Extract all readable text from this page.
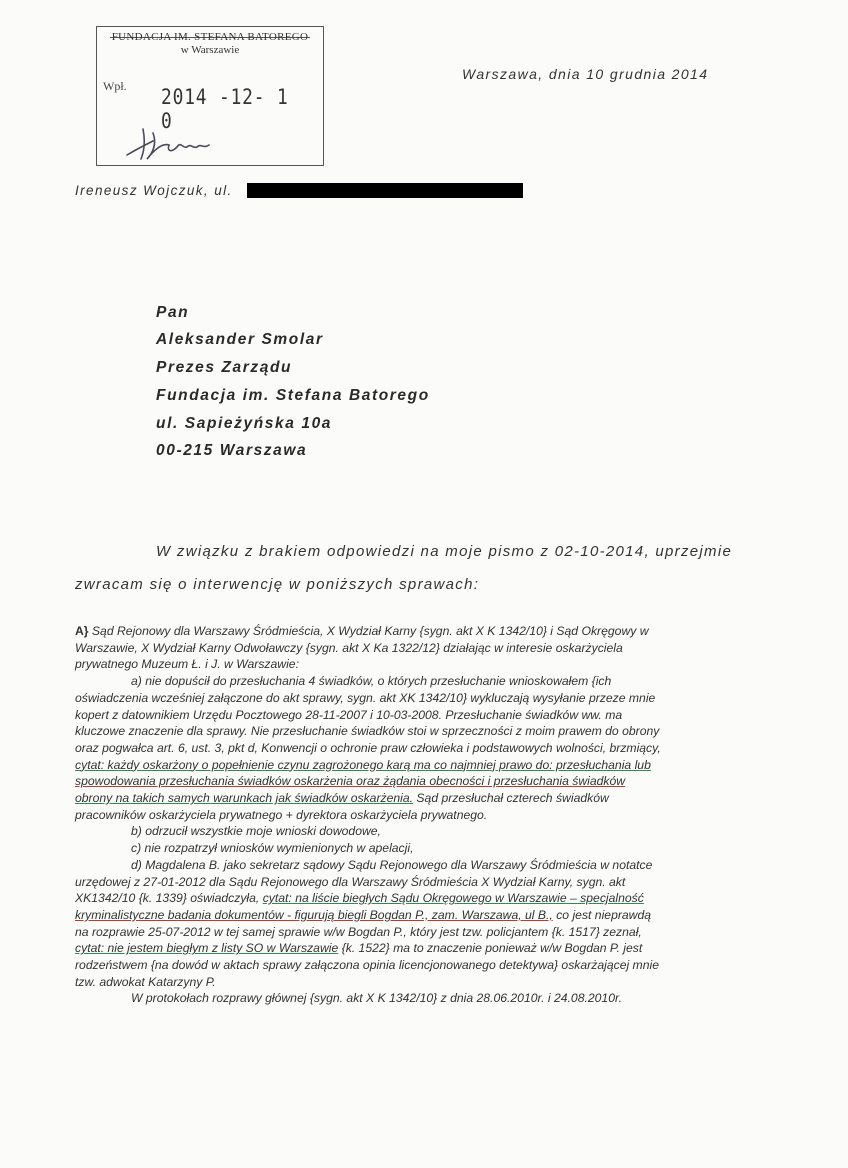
FUNDACJA IM. STEFANA BATOREGO
w Warszawie
Wpł. 2014 -12- 1 0
Warszawa, dnia 10 grudnia 2014
Ireneusz Wojczuk, ul.
Pan
Aleksander Smolar
Prezes Zarządu
Fundacja im. Stefana Batorego
ul. Sapieżyńska 10a
00-215 Warszawa
W związku z brakiem odpowiedzi na moje pismo z 02-10-2014, uprzejmie
zwracam się o interwencję w poniższych sprawach:

A} Sąd Rejonowy dla Warszawy Śródmieścia, X Wydział Karny {sygn. akt X K 1342/10} i Sąd Okręgowy w

Warszawie, X Wydział Karny Odwoławczy {sygn. akt X Ka 1322/12} działając w interesie oskarżyciela

prywatnego Muzeum Ł. i J. w Warszawie:

a) nie dopuścił do przesłuchania 4 świadków, o których przesłuchanie wnioskowałem {ich

oświadczenia wcześniej załączone do akt sprawy, sygn. akt XK 1342/10} wykluczają wysyłanie przeze mnie

kopert z datownikiem Urzędu Pocztowego 28-11-2007 i 10-03-2008. Przesłuchanie świadków ww. ma

kluczowe znaczenie dla sprawy. Nie przesłuchanie świadków stoi w sprzeczności z moim prawem do obrony

oraz pogwałca art. 6, ust. 3, pkt d, Konwencji o ochronie praw człowieka i podstawowych wolności, brzmiący,

cytat: każdy oskarżony o popełnienie czynu zagrożonego karą ma co najmniej prawo do: przesłuchania lub

spowodowania przesłuchania świadków oskarżenia oraz żądania obecności i przesłuchania świadków

obrony na takich samych warunkach jak świadków oskarżenia. Sąd przesłuchał czterech świadków

pracowników oskarżyciela prywatnego + dyrektora oskarżyciela prywatnego.

b) odrzucił wszystkie moje wnioski dowodowe,

c) nie rozpatrzył wniosków wymienionych w apelacji,

d) Magdalena B. jako sekretarz sądowy Sądu Rejonowego dla Warszawy Śródmieścia w notatce

urzędowej z 27-01-2012 dla Sądu Rejonowego dla Warszawy Śródmieścia X Wydział Karny, sygn. akt

XK1342/10 {k. 1339} oświadczyła, cytat: na liście biegłych Sądu Okręgowego w Warszawie – specjalność

kryminalistyczne badania dokumentów - figurują biegli Bogdan P., zam. Warszawa, ul B., co jest nieprawdą

na rozprawie 25-07-2012 w tej samej sprawie w/w Bogdan P., który jest tzw. policjantem {k. 1517} zeznał,

cytat: nie jestem biegłym z listy SO w Warszawie {k. 1522} ma to znaczenie ponieważ w/w Bogdan P. jest

rodzeństwem {na dowód w aktach sprawy załączona opinia licencjonowanego detektywa} oskarżającej mnie

tzw. adwokat Katarzyny P.

W protokołach rozprawy głównej {sygn. akt X K 1342/10} z dnia 28.06.2010r. i 24.08.2010r.
